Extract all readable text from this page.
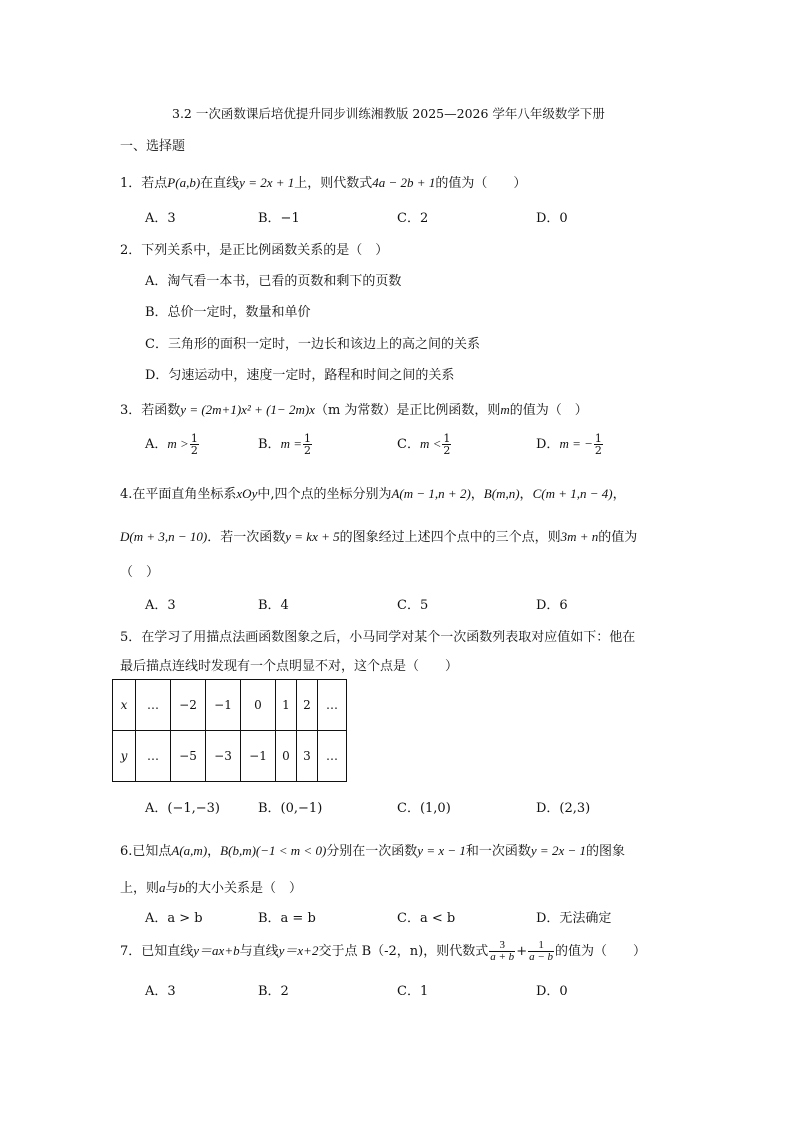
3.2 一次函数课后培优提升同步训练湘教版 2025—2026 学年八年级数学下册
一、选择题
1．若点P(a,b)在直线y = 2x + 1上，则代数式4a − 2b + 1的值为（　　）
A．3	B．−1	C．2	D．0
2．下列关系中，是正比例函数关系的是（　）
A．淘气看一本书，已看的页数和剩下的页数
B．总价一定时，数量和单价
C．三角形的面积一定时，一边长和该边上的高之间的关系
D．匀速运动中，速度一定时，路程和时间之间的关系
3．若函数y = (2m+1)x² + (1− 2m)x（m 为常数）是正比例函数，则m的值为（　）
A．$m > \frac{1}{2}$	B．$m = \frac{1}{2}$	C．$m < \frac{1}{2}$	D．m = − $\frac{1}{2}$
4.在平面直角坐标系xOy中,四个点的坐标分别为A(m − 1,n + 2)，B(m,n)，C(m + 1,n − 4)，
D(m + 3,n − 10)．若一次函数y = kx + 5的图象经过上述四个点中的三个点，则3m + n的值为
（　）
A．3	B．4	C．5	D．6
5．在学习了用描点法画函数图象之后，小马同学对某个一次函数列表取对应值如下：他在
最后描点连线时发现有一个点明显不对，这个点是（　　）
x	…	−2	−1	0	1	2	…
y	…	−5	−3	−1	0	3	…
A．(−1,−3)	B．(0,−1)	C．(1,0)	D．(2,3)
6.已知点A(a,m)，B(b,m)(−1 < m < 0)分别在一次函数y = x − 1和一次函数y = 2x − 1的图象
上，则a与b的大小关系是（　）
A．a > b	B．a = b	C．a < b	D．无法确定
7．已知直线y＝ax+b与直线y＝x+2交于点 B（-2，n)，则代数式 $\frac{3}{a + b} + \frac{1}{a - b}$ 的值为（　　）
A．3	B．2	C．1	D．0
